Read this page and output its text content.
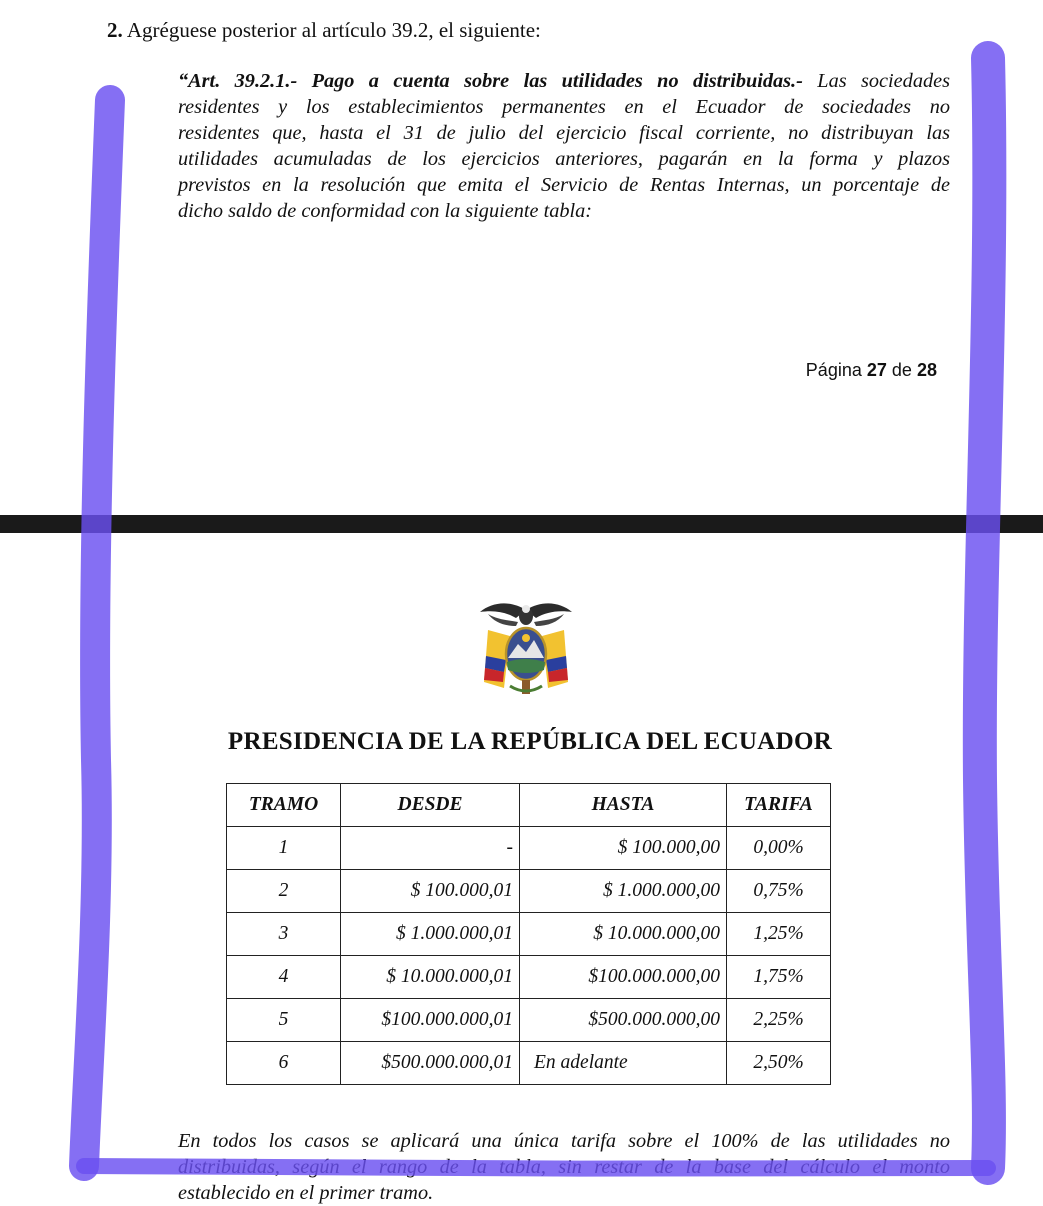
2. Agréguese posterior al artículo 39.2, el siguiente:
“Art. 39.2.1.- Pago a cuenta sobre las utilidades no distribuidas.- Las sociedades
residentes y los establecimientos permanentes en el Ecuador de sociedades no
residentes que, hasta el 31 de julio del ejercicio fiscal corriente, no distribuyan las
utilidades acumuladas de los ejercicios anteriores, pagarán en la forma y plazos
previstos en la resolución que emita el Servicio de Rentas Internas, un porcentaje de
dicho saldo de conformidad con la siguiente tabla:
Página 27 de 28
PRESIDENCIA DE LA REPÚBLICA DEL ECUADOR
TRAMO	DESDE	HASTA	TARIFA
1	-	$ 100.000,00	0,00%
2	$ 100.000,01	$ 1.000.000,00	0,75%
3	$ 1.000.000,01	$ 10.000.000,00	1,25%
4	$ 10.000.000,01	$100.000.000,00	1,75%
5	$100.000.000,01	$500.000.000,00	2,25%
6	$500.000.000,01	En adelante	2,50%
En todos los casos se aplicará una única tarifa sobre el 100% de las utilidades no
distribuidas, según el rango de la tabla, sin restar de la base del cálculo el monto
establecido en el primer tramo.
